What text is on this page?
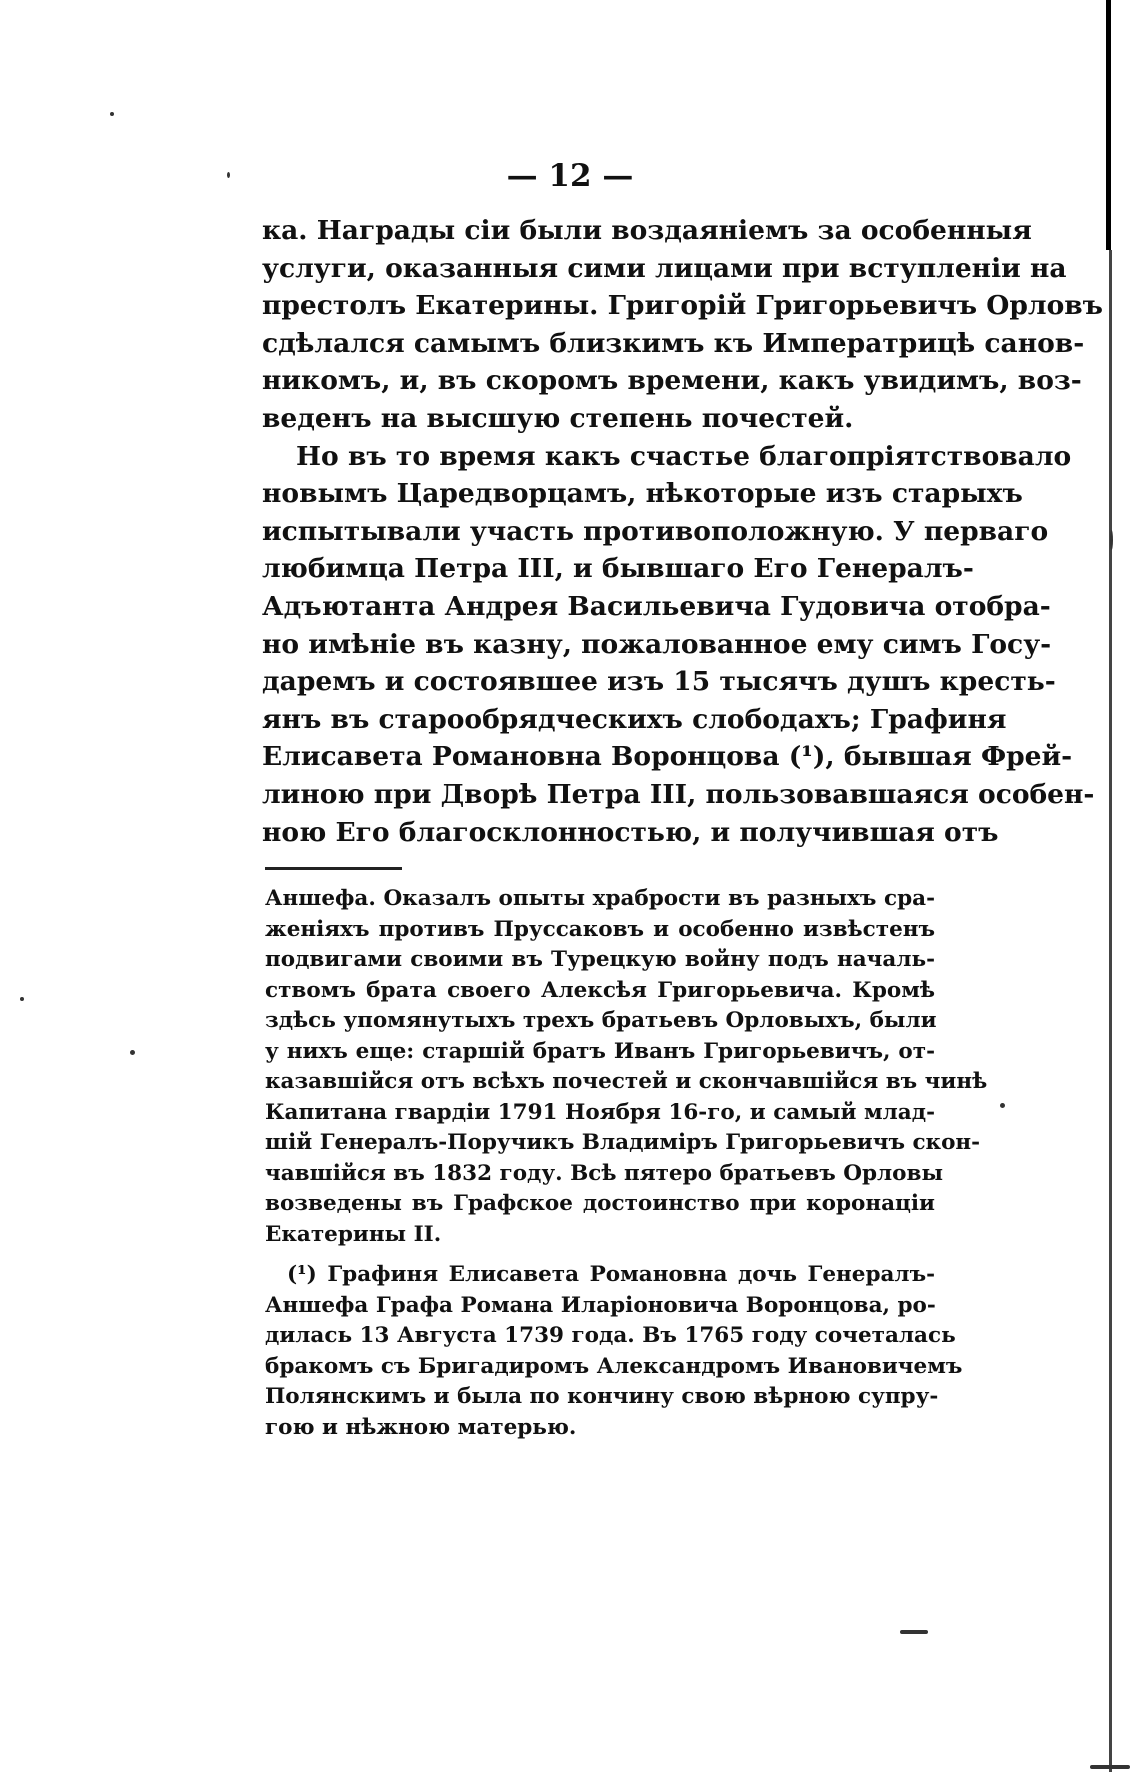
— 12 —
ка. Награды сіи были воздаяніемъ за особенныя
услуги, оказанныя сими лицами при вступленіи на
престолъ Екатерины. Григорій Григорьевичъ Орловъ
сдѣлался самымъ близкимъ къ Императрицѣ санов-
никомъ, и, въ скоромъ времени, какъ увидимъ, воз-
веденъ на высшую степень почестей.
Но въ то время какъ счастье благопріятствовало
новымъ Царедворцамъ, нѣкоторые изъ старыхъ
испытывали участь противоположную. У перваго
любимца Петра III, и бывшаго Его Генералъ-
Адъютанта Андрея Васильевича Гудовича отобра-
но имѣніе въ казну, пожалованное ему симъ Госу-
даремъ и состоявшее изъ 15 тысячъ душъ кресть-
янъ въ старообрядческихъ слободахъ; Графиня
Елисавета Романовна Воронцова (¹), бывшая Фрей-
линою при Дворѣ Петра III, пользовавшаяся особен-
ною Его благосклонностью, и получившая отъ
Аншефа. Оказалъ опыты храбрости въ разныхъ сра-
женіяхъ противъ Пруссаковъ и особенно извѣстенъ
подвигами своими въ Турецкую войну подъ началь-
ствомъ брата своего Алексѣя Григорьевича. Кромѣ
здѣсь упомянутыхъ трехъ братьевъ Орловыхъ, были
у нихъ еще: старшій братъ Иванъ Григорьевичъ, от-
казавшійся отъ всѣхъ почестей и скончавшійся въ чинѣ
Капитана гвардіи 1791 Ноября 16-го, и самый млад-
шій Генералъ-Поручикъ Владиміръ Григорьевичъ скон-
чавшійся въ 1832 году. Всѣ пятеро братьевъ Орловы
возведены въ Графское достоинство при коронаціи
Екатерины II.
(¹) Графиня Елисавета Романовна дочь Генералъ-
Аншефа Графа Романа Иларіоновича Воронцова, ро-
дилась 13 Августа 1739 года. Въ 1765 году сочеталась
бракомъ съ Бригадиромъ Александромъ Ивановичемъ
Полянскимъ и была по кончину свою вѣрною супру-
гою и нѣжною матерью.
